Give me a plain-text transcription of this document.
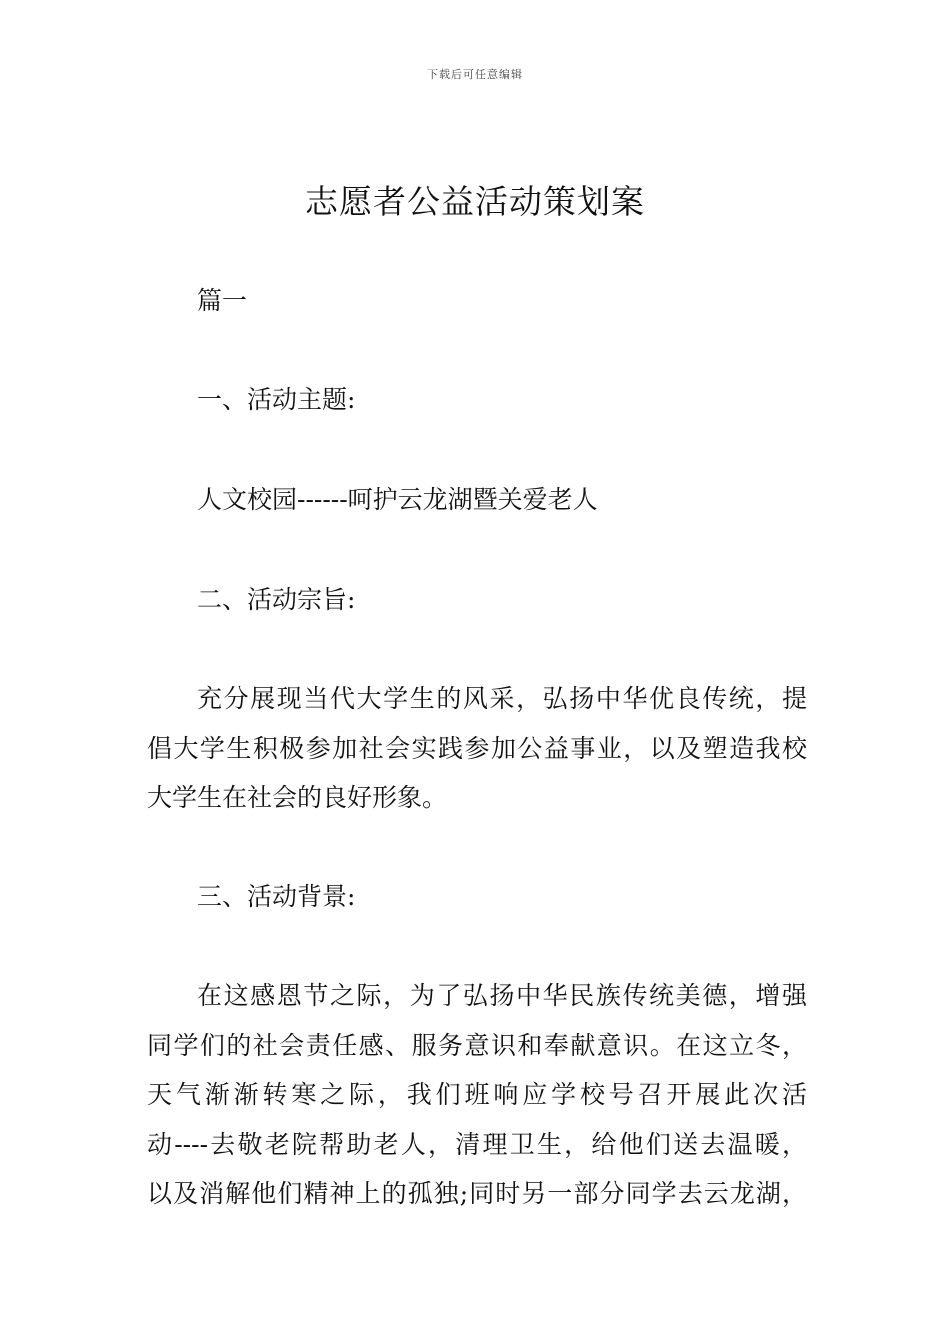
下载后可任意编辑
志愿者公益活动策划案
篇一
一、活动主题:
人文校园------呵护云龙湖暨关爱老人
二、活动宗旨:
充分展现当代大学生的风采，弘扬中华优良传统，提
倡大学生积极参加社会实践参加公益事业，以及塑造我校
大学生在社会的良好形象。
三、活动背景:
在这感恩节之际，为了弘扬中华民族传统美德，增强
同学们的社会责任感、服务意识和奉献意识。在这立冬，
天气渐渐转寒之际，我们班响应学校号召开展此次活
动----去敬老院帮助老人，清理卫生，给他们送去温暖，
以及消解他们精神上的孤独;同时另一部分同学去云龙湖，
